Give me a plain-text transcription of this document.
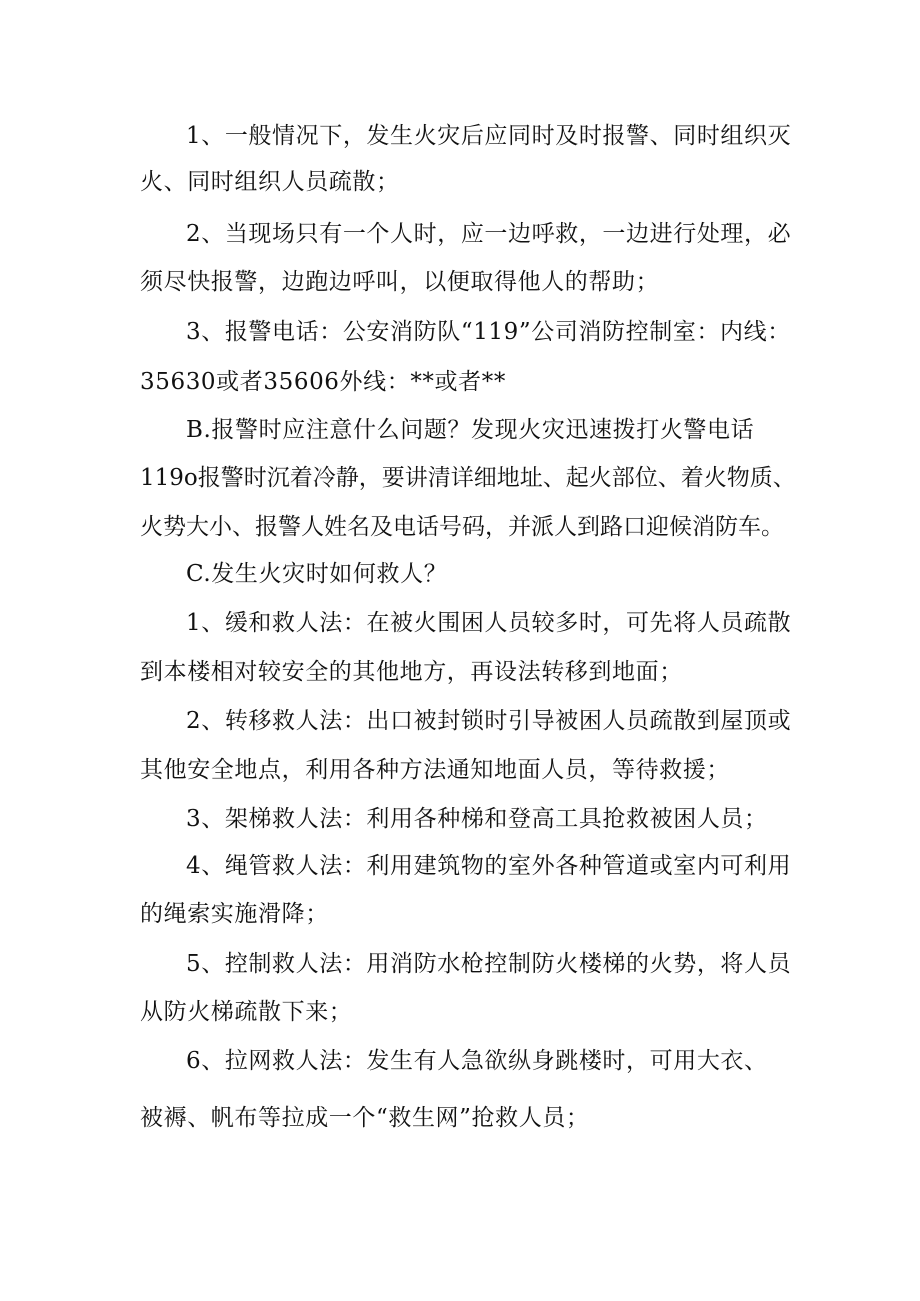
1、一般情况下，发生火灾后应同时及时报警、同时组织灭
火、同时组织人员疏散；
2、当现场只有一个人时，应一边呼救，一边进行处理，必
须尽快报警，边跑边呼叫，以便取得他人的帮助；
3、报警电话：公安消防队“119”公司消防控制室：内线：
35630或者35606外线：**或者**
B.报警时应注意什么问题？发现火灾迅速拨打火警电话
119o报警时沉着冷静，要讲清详细地址、起火部位、着火物质、
火势大小、报警人姓名及电话号码，并派人到路口迎候消防车。
C.发生火灾时如何救人？
1、缓和救人法：在被火围困人员较多时，可先将人员疏散
到本楼相对较安全的其他地方，再设法转移到地面；
2、转移救人法：出口被封锁时引导被困人员疏散到屋顶或
其他安全地点，利用各种方法通知地面人员，等待救援；
3、架梯救人法：利用各种梯和登高工具抢救被困人员；
4、绳管救人法：利用建筑物的室外各种管道或室内可利用
的绳索实施滑降；
5、控制救人法：用消防水枪控制防火楼梯的火势，将人员
从防火梯疏散下来；
6、拉网救人法：发生有人急欲纵身跳楼时，可用大衣、
被褥、帆布等拉成一个“救生网”抢救人员；
